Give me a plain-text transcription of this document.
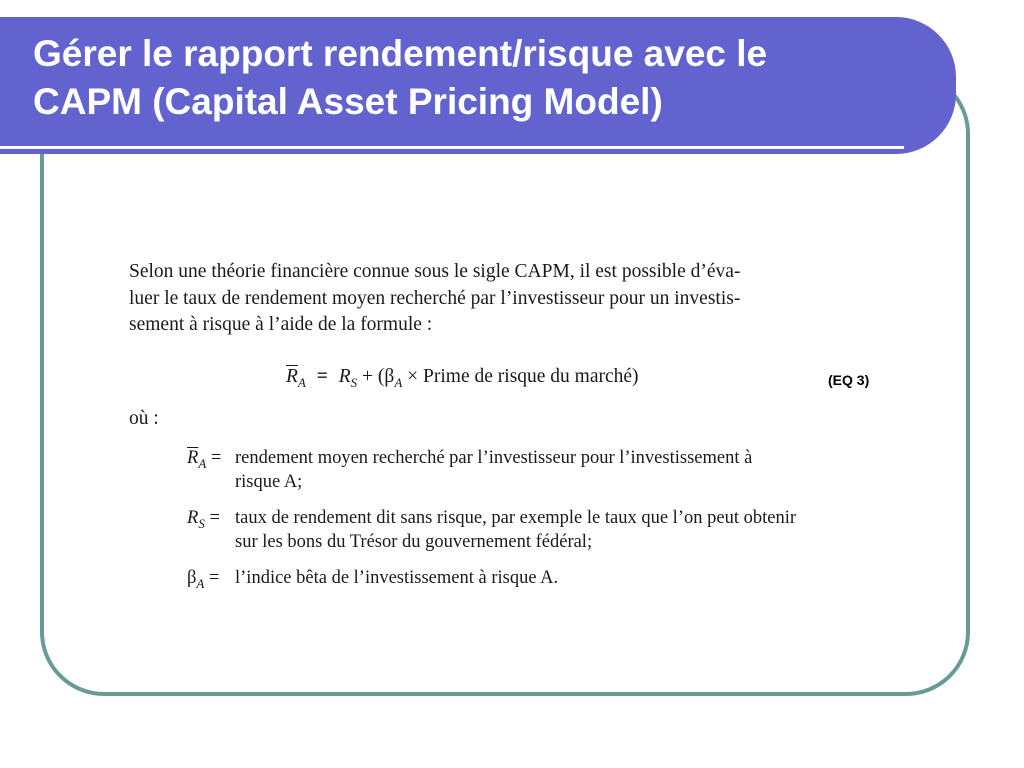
Gérer le rapport rendement/risque avec le
CAPM (Capital Asset Pricing Model)
Selon une théorie financière connue sous le sigle CAPM, il est possible d’éva-
luer le taux de rendement moyen recherché par l’investisseur pour un investis-
sement à risque à l’aide de la formule :
$\overline{R}_A = R_S + (\beta_A$ × Prime de risque du marché)	(EQ 3)
où :
$\overline{R}_A$ = rendement moyen recherché par l’investisseur pour l’investissement à
risque A;
$R_S$ = taux de rendement dit sans risque, par exemple le taux que l’on peut obtenir
sur les bons du Trésor du gouvernement fédéral;
$\beta_A$ = l’indice bêta de l’investissement à risque A.
